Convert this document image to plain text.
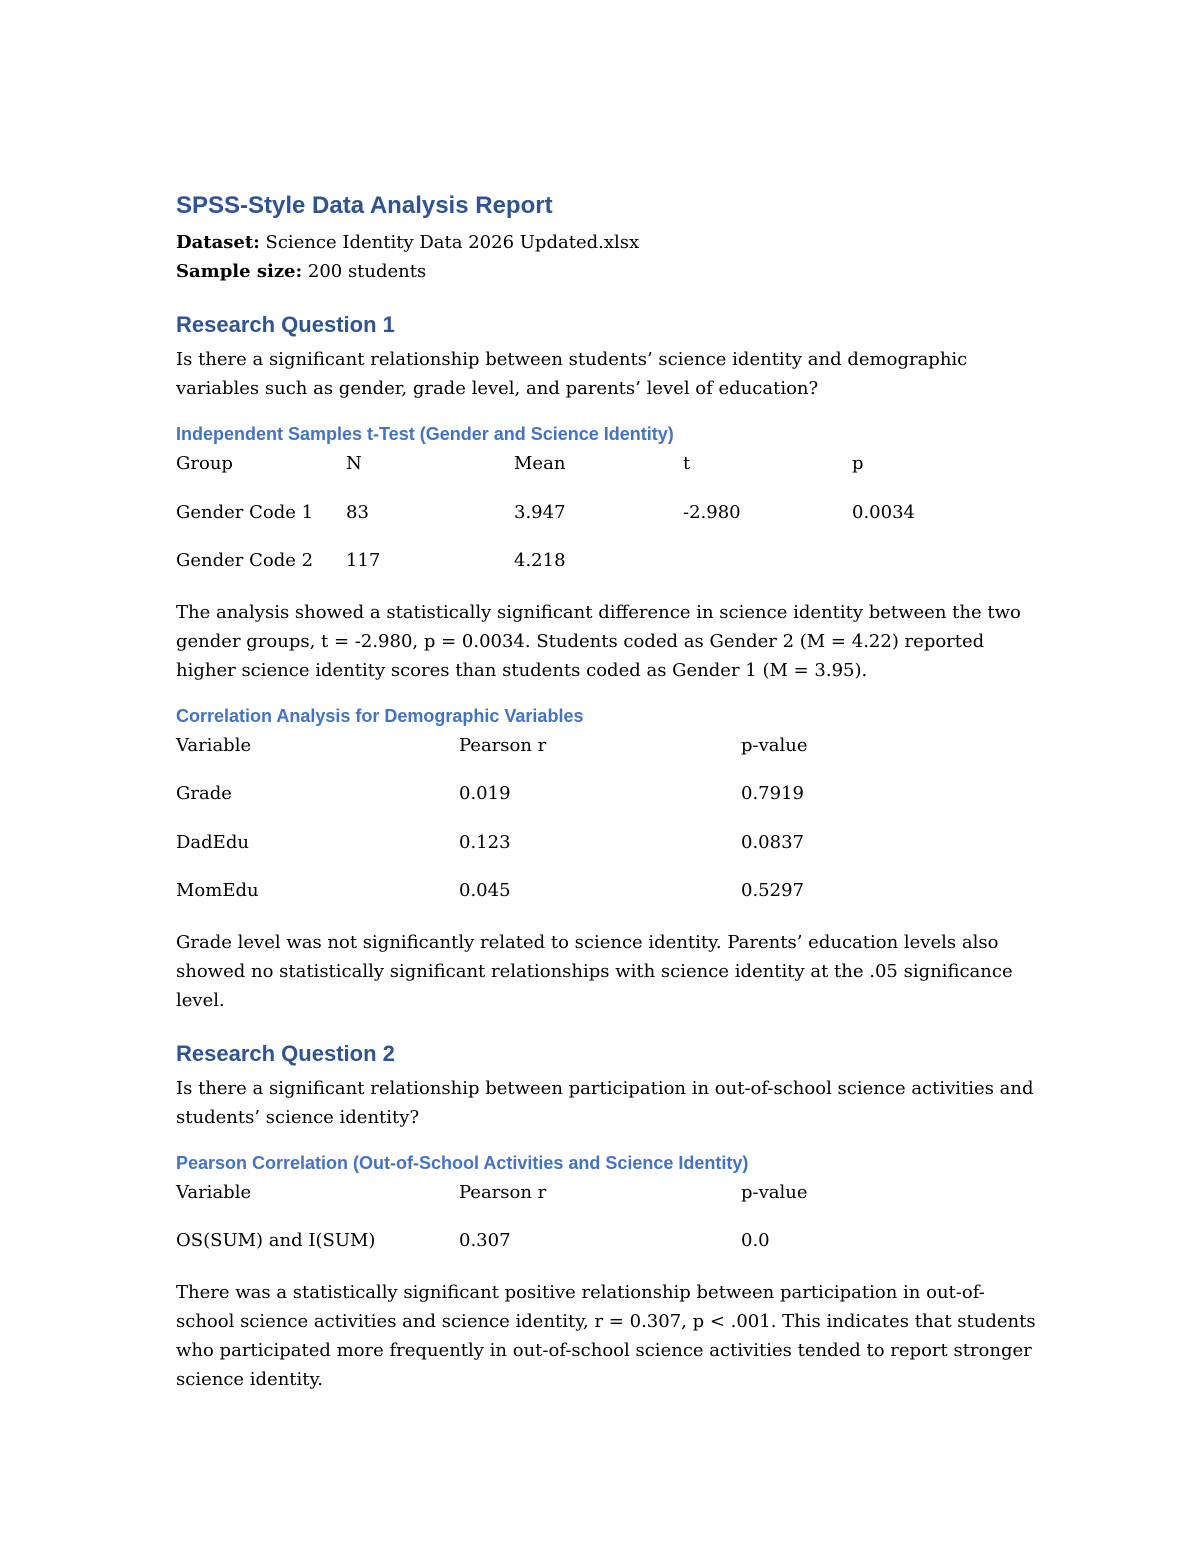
SPSS-Style Data Analysis Report

Dataset: Science Identity Data 2026 Updated.xlsx
Sample size: 200 students

Research Question 1

Is there a significant relationship between students’ science identity and demographic variables such as gender, grade level, and parents’ level of education?

Independent Samples t-Test (Gender and Science Identity)
Group	N	Mean	t	p
Gender Code 1	83	3.947	-2.980	0.0034
Gender Code 2	117	4.218		

The analysis showed a statistically significant difference in science identity between the two gender groups, t = -2.980, p = 0.0034. Students coded as Gender 2 (M = 4.22) reported higher science identity scores than students coded as Gender 1 (M = 3.95).

Correlation Analysis for Demographic Variables
Variable	Pearson r	p-value
Grade	0.019	0.7919
DadEdu	0.123	0.0837
MomEdu	0.045	0.5297

Grade level was not significantly related to science identity. Parents’ education levels also showed no statistically significant relationships with science identity at the .05 significance level.

Research Question 2

Is there a significant relationship between participation in out-of-school science activities and students’ science identity?

Pearson Correlation (Out-of-School Activities and Science Identity)
Variable	Pearson r	p-value
OS(SUM) and I(SUM)	0.307	0.0

There was a statistically significant positive relationship between participation in out-of-school science activities and science identity, r = 0.307, p < .001. This indicates that students who participated more frequently in out-of-school science activities tended to report stronger science identity.
